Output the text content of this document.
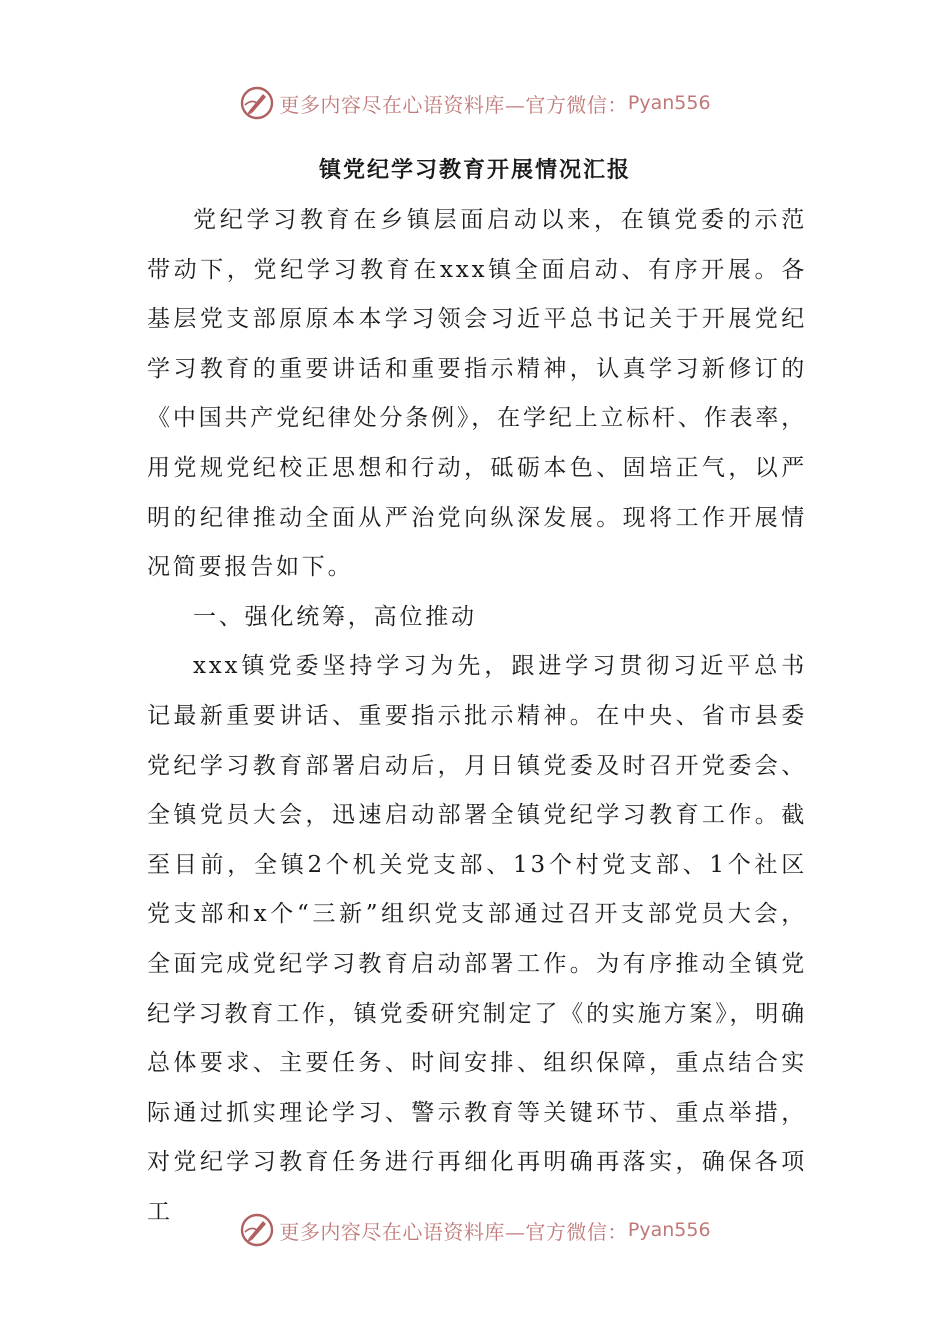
更多内容尽在心语资料库—官方微信： Pyan556
镇党纪学习教育开展情况汇报

党纪学习教育在乡镇层面启动以来，在镇党委的示范带动下，党纪学习教育在xxx镇全面启动、有序开展。各基层党支部原原本本学习领会习近平总书记关于开展党纪学习教育的重要讲话和重要指示精神，认真学习新修订的《中国共产党纪律处分条例》，在学纪上立标杆、作表率，用党规党纪校正思想和行动，砥砺本色、固培正气，以严明的纪律推动全面从严治党向纵深发展。现将工作开展情况简要报告如下。

一、强化统筹，高位推动

xxx镇党委坚持学习为先，跟进学习贯彻习近平总书记最新重要讲话、重要指示批示精神。在中央、省市县委党纪学习教育部署启动后，月日镇党委及时召开党委会、全镇党员大会，迅速启动部署全镇党纪学习教育工作。截至目前，全镇2个机关党支部、13个村党支部、1个社区党支部和x个“三新”组织党支部通过召开支部党员大会，全面完成党纪学习教育启动部署工作。为有序推动全镇党纪学习教育工作，镇党委研究制定了《的实施方案》，明确总体要求、主要任务、时间安排、组织保障，重点结合实际通过抓实理论学习、警示教育等关键环节、重点举措，对党纪学习教育任务进行再细化再明确再落实，确保各项工

更多内容尽在心语资料库—官方微信： Pyan556
